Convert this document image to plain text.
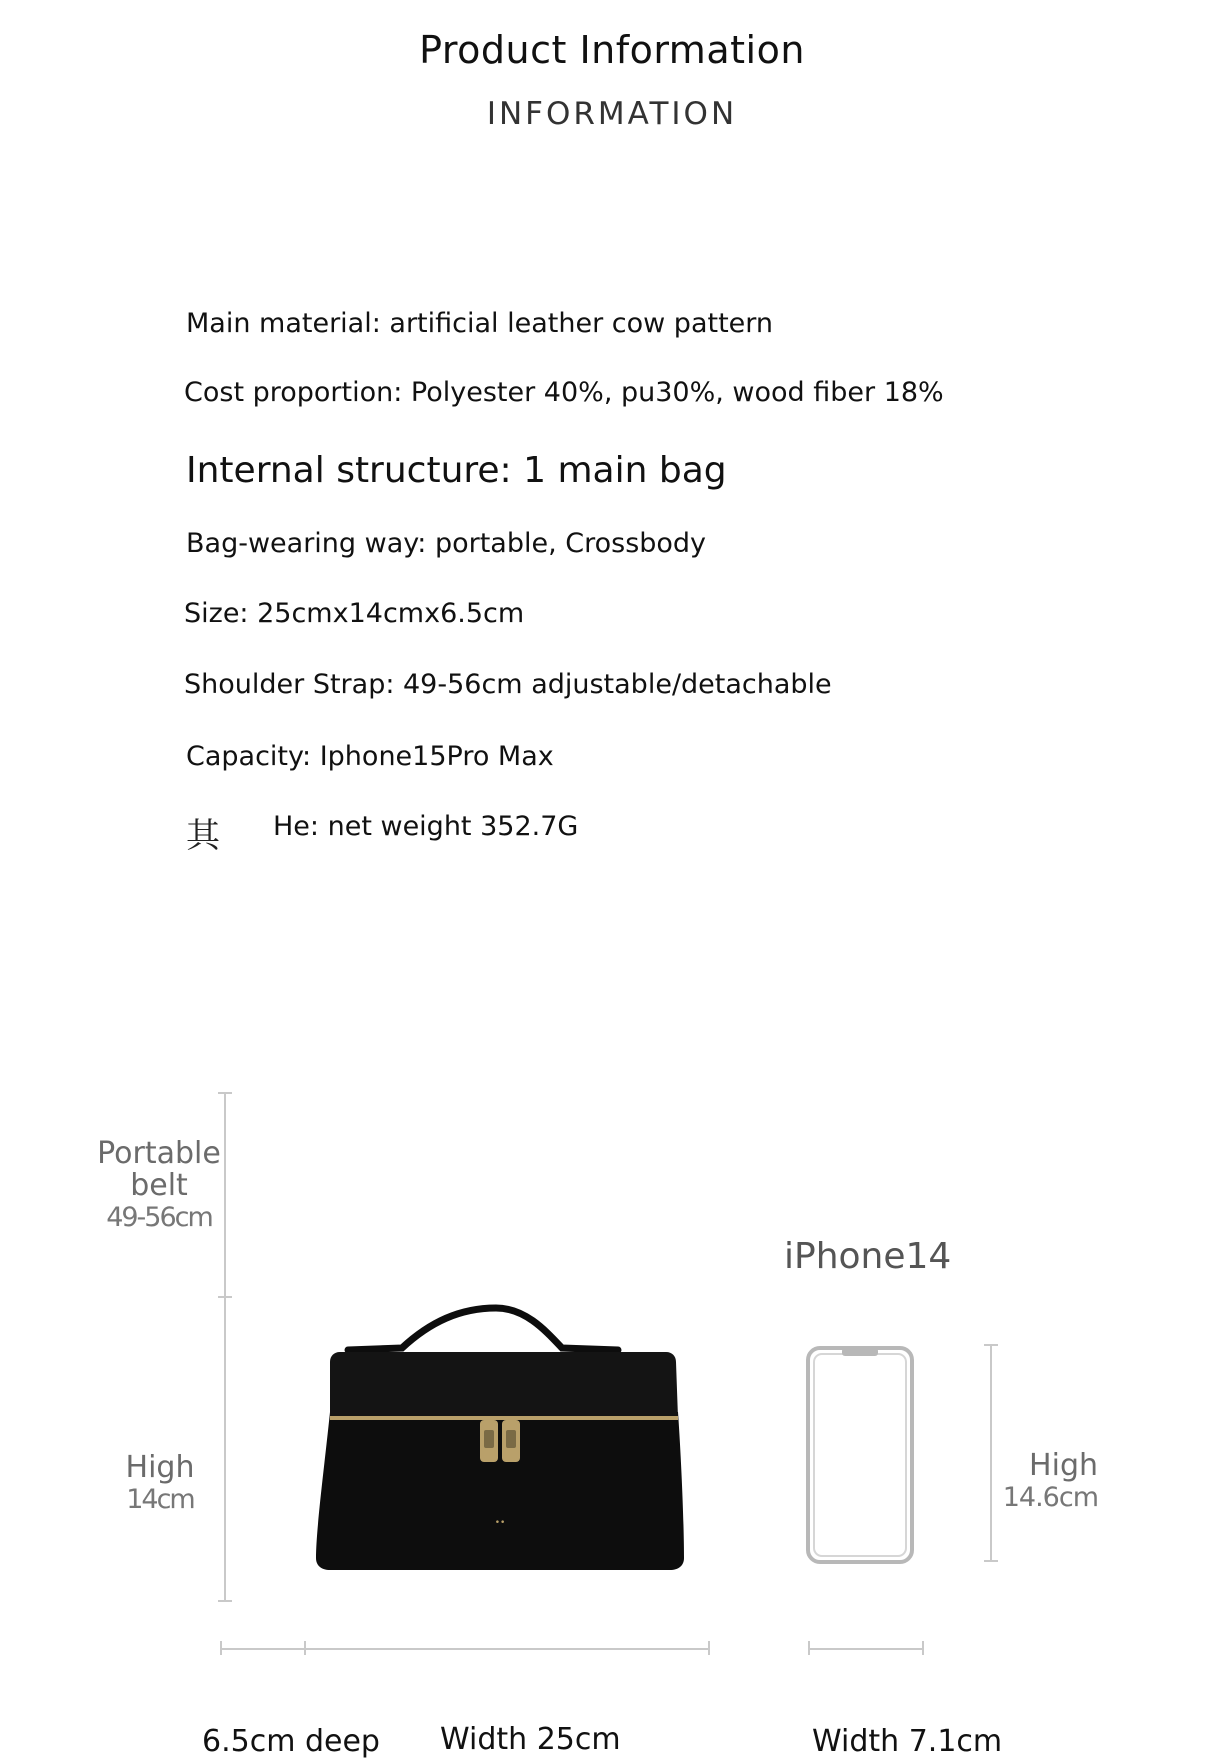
Product Information
INFORMATION
Main material: artificial leather cow pattern
Cost proportion: Polyester 40%, pu30%, wood fiber 18%
Internal structure: 1 main bag
Bag-wearing way: portable, Crossbody
Size: 25cmx14cmx6.5cm
Shoulder Strap: 49-56cm adjustable/detachable
Capacity: Iphone15Pro Max
其 He: net weight 352.7G
Portable
belt
49-56cm
High
14cm
••
iPhone14
High
14.6cm
6.5cm deep Width 25cm	Width 7.1cm
